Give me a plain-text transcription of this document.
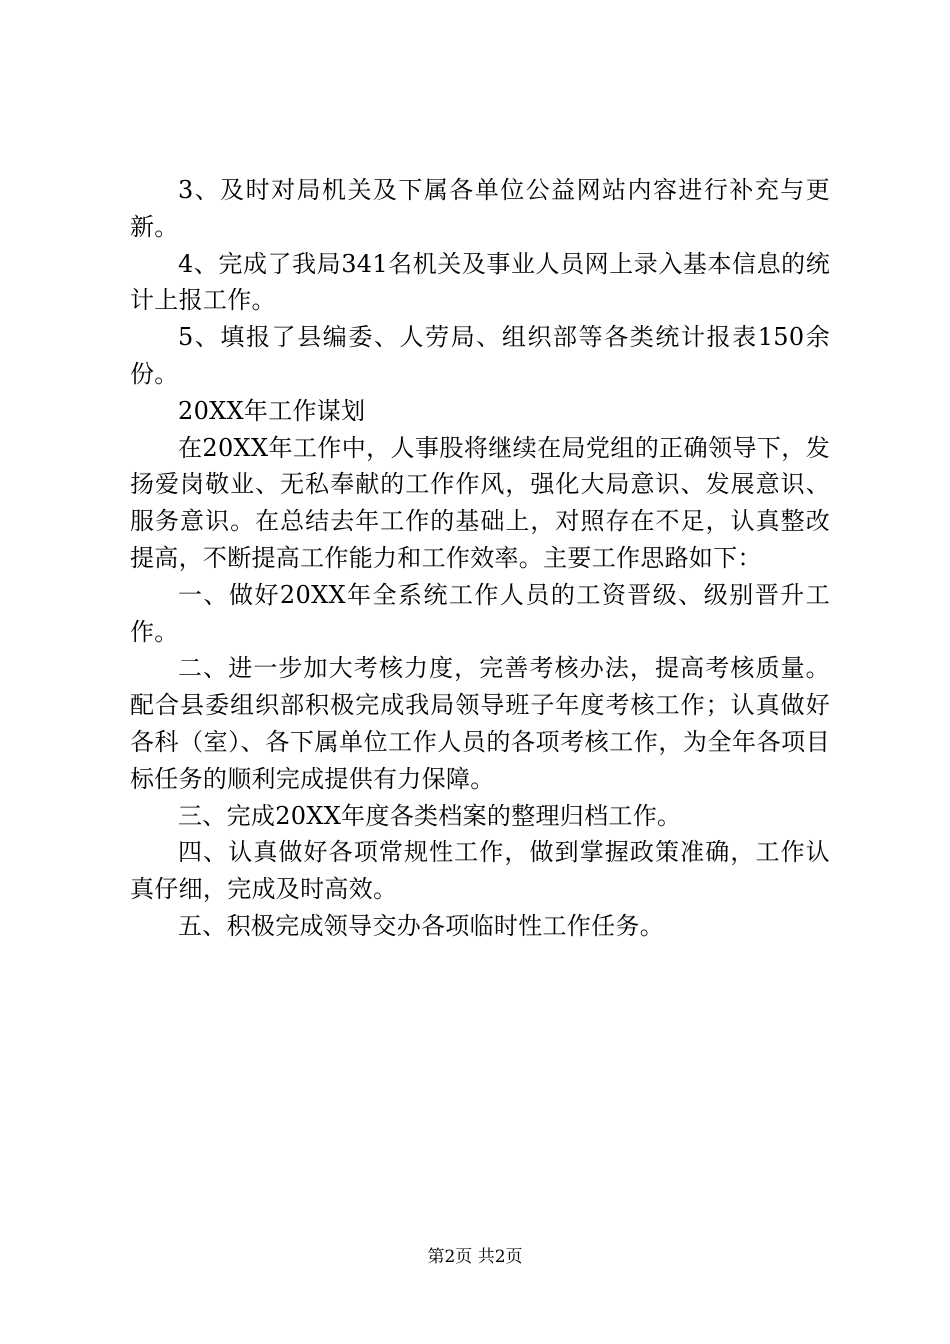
3、及时对局机关及下属各单位公益网站内容进行补充与更新。

4、完成了我局341名机关及事业人员网上录入基本信息的统计上报工作。

5、填报了县编委、人劳局、组织部等各类统计报表150余份。

20XX年工作谋划

在20XX年工作中，人事股将继续在局党组的正确领导下，发扬爱岗敬业、无私奉献的工作作风，强化大局意识、发展意识、服务意识。在总结去年工作的基础上，对照存在不足，认真整改提高，不断提高工作能力和工作效率。主要工作思路如下：

一、做好20XX年全系统工作人员的工资晋级、级别晋升工作。

二、进一步加大考核力度，完善考核办法，提高考核质量。配合县委组织部积极完成我局领导班子年度考核工作；认真做好各科（室）、各下属单位工作人员的各项考核工作，为全年各项目标任务的顺利完成提供有力保障。

三、完成20XX年度各类档案的整理归档工作。

四、认真做好各项常规性工作，做到掌握政策准确，工作认真仔细，完成及时高效。

五、积极完成领导交办各项临时性工作任务。

第2页 共2页
